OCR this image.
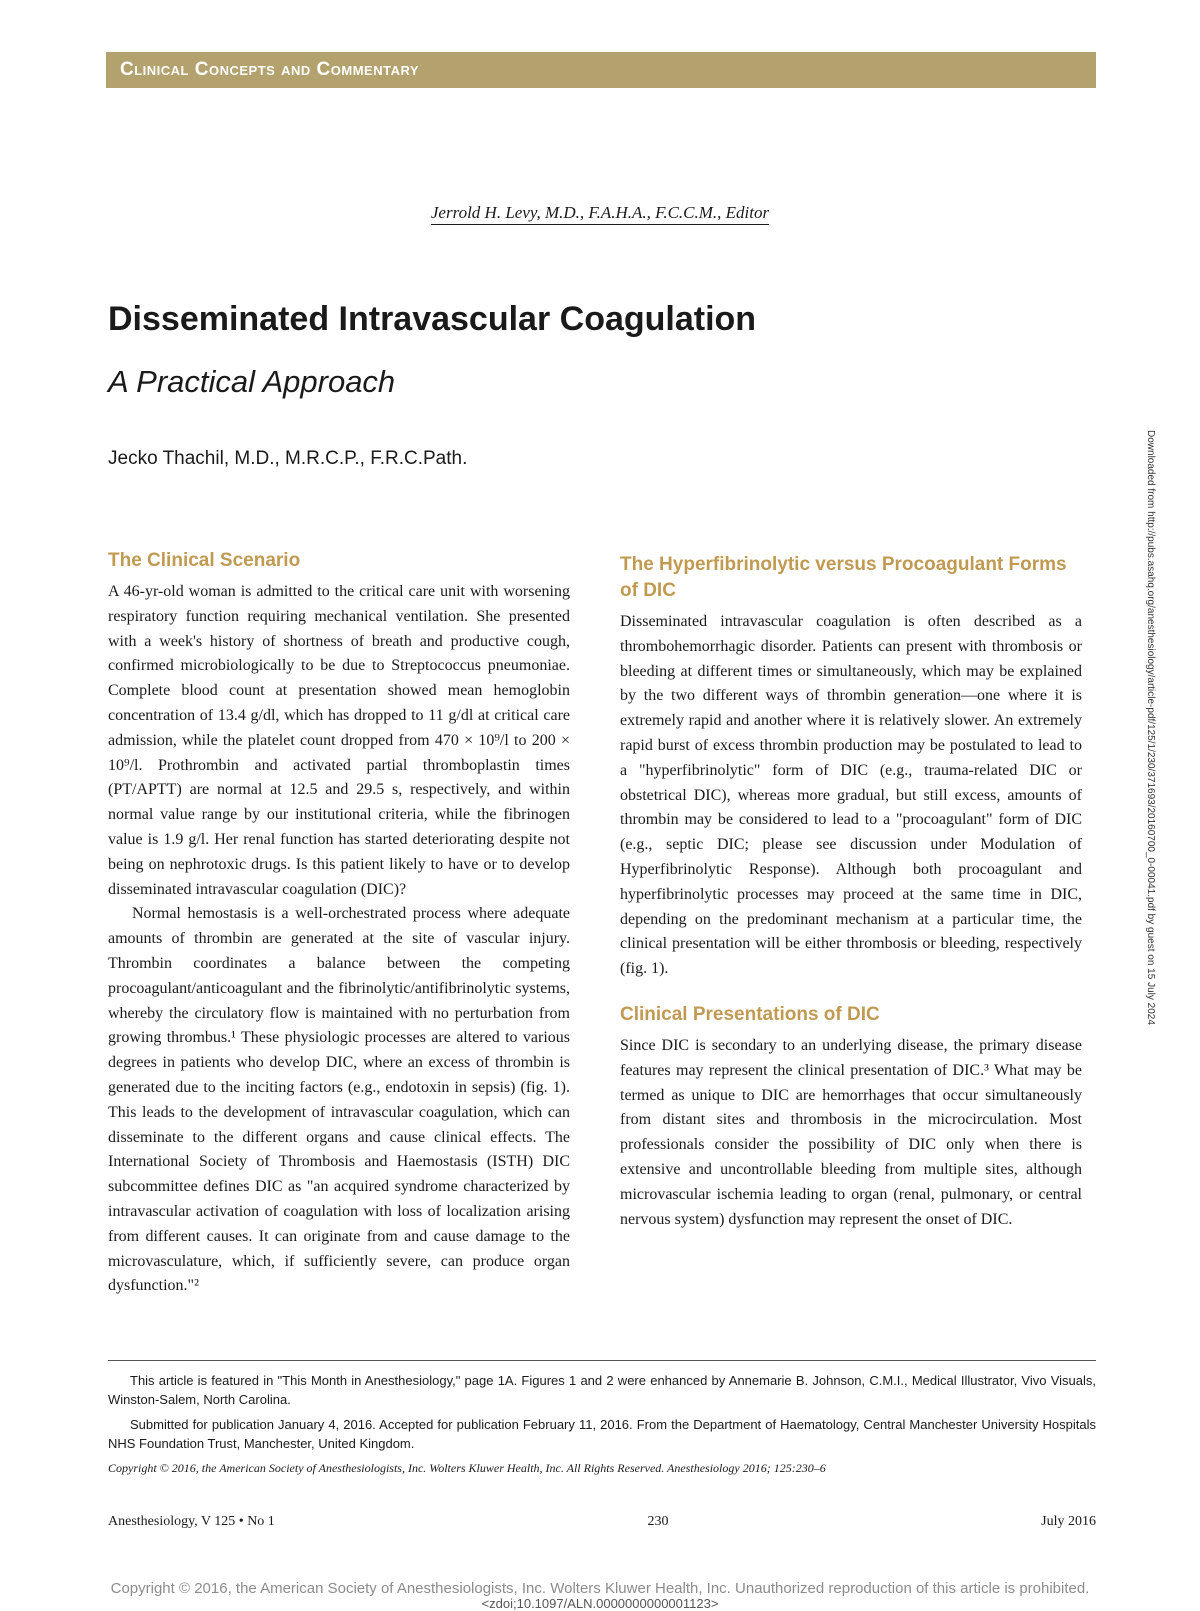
Clinical Concepts and Commentary
Jerrold H. Levy, M.D., F.A.H.A., F.C.C.M., Editor
Disseminated Intravascular Coagulation
A Practical Approach
Jecko Thachil, M.D., M.R.C.P., F.R.C.Path.	Downloaded from http://pubs.asahq.org/anesthesiology/article-pdf/125/1/230/371693/20160700_0-00041.pdf by guest on 15 July 2024
The Clinical Scenario

A 46-yr-old woman is admitted to the critical care unit with worsening respiratory function requiring mechanical ventilation. She presented with a week's history of shortness of breath and productive cough, confirmed microbiologically to be due to Streptococcus pneumoniae. Complete blood count at presentation showed mean hemoglobin concentration of 13.4 g/dl, which has dropped to 11 g/dl at critical care admission, while the platelet count dropped from 470 × 10⁹/l to 200 × 10⁹/l. Prothrombin and activated partial thromboplastin times (PT/APTT) are normal at 12.5 and 29.5 s, respectively, and within normal value range by our institutional criteria, while the fibrinogen value is 1.9 g/l. Her renal function has started deteriorating despite not being on nephrotoxic drugs. Is this patient likely to have or to develop disseminated intravascular coagulation (DIC)?

Normal hemostasis is a well-orchestrated process where adequate amounts of thrombin are generated at the site of vascular injury. Thrombin coordinates a balance between the competing procoagulant/anticoagulant and the fibrinolytic/antifibrinolytic systems, whereby the circulatory flow is maintained with no perturbation from growing thrombus.¹ These physiologic processes are altered to various degrees in patients who develop DIC, where an excess of thrombin is generated due to the inciting factors (e.g., endotoxin in sepsis) (fig. 1). This leads to the development of intravascular coagulation, which can disseminate to the different organs and cause clinical effects. The International Society of Thrombosis and Haemostasis (ISTH) DIC subcommittee defines DIC as "an acquired syndrome characterized by intravascular activation of coagulation with loss of localization arising from different causes. It can originate from and cause damage to the microvasculature, which, if sufficiently severe, can produce organ dysfunction."²

The Hyperfibrinolytic versus Procoagulant Forms of DIC

Disseminated intravascular coagulation is often described as a thrombohemorrhagic disorder. Patients can present with thrombosis or bleeding at different times or simultaneously, which may be explained by the two different ways of thrombin generation—one where it is extremely rapid and another where it is relatively slower. An extremely rapid burst of excess thrombin production may be postulated to lead to a "hyperfibrinolytic" form of DIC (e.g., trauma-related DIC or obstetrical DIC), whereas more gradual, but still excess, amounts of thrombin may be considered to lead to a "procoagulant" form of DIC (e.g., septic DIC; please see discussion under Modulation of Hyperfibrinolytic Response). Although both procoagulant and hyperfibrinolytic processes may proceed at the same time in DIC, depending on the predominant mechanism at a particular time, the clinical presentation will be either thrombosis or bleeding, respectively (fig. 1).

Clinical Presentations of DIC

Since DIC is secondary to an underlying disease, the primary disease features may represent the clinical presentation of DIC.³ What may be termed as unique to DIC are hemorrhages that occur simultaneously from distant sites and thrombosis in the microcirculation. Most professionals consider the possibility of DIC only when there is extensive and uncontrollable bleeding from multiple sites, although microvascular ischemia leading to organ (renal, pulmonary, or central nervous system) dysfunction may represent the onset of DIC.

This article is featured in "This Month in Anesthesiology," page 1A. Figures 1 and 2 were enhanced by Annemarie B. Johnson, C.M.I., Medical Illustrator, Vivo Visuals, Winston-Salem, North Carolina.

Submitted for publication January 4, 2016. Accepted for publication February 11, 2016. From the Department of Haematology, Central Manchester University Hospitals NHS Foundation Trust, Manchester, United Kingdom.

Copyright © 2016, the American Society of Anesthesiologists, Inc. Wolters Kluwer Health, Inc. All Rights Reserved. Anesthesiology 2016; 125:230–6

Anesthesiology, V 125 • No 1	230	July 2016
Copyright © 2016, the American Society of Anesthesiologists, Inc. Wolters Kluwer Health, Inc. Unauthorized reproduction of this article is prohibited.
<zdoi;10.1097/ALN.0000000000001123>
